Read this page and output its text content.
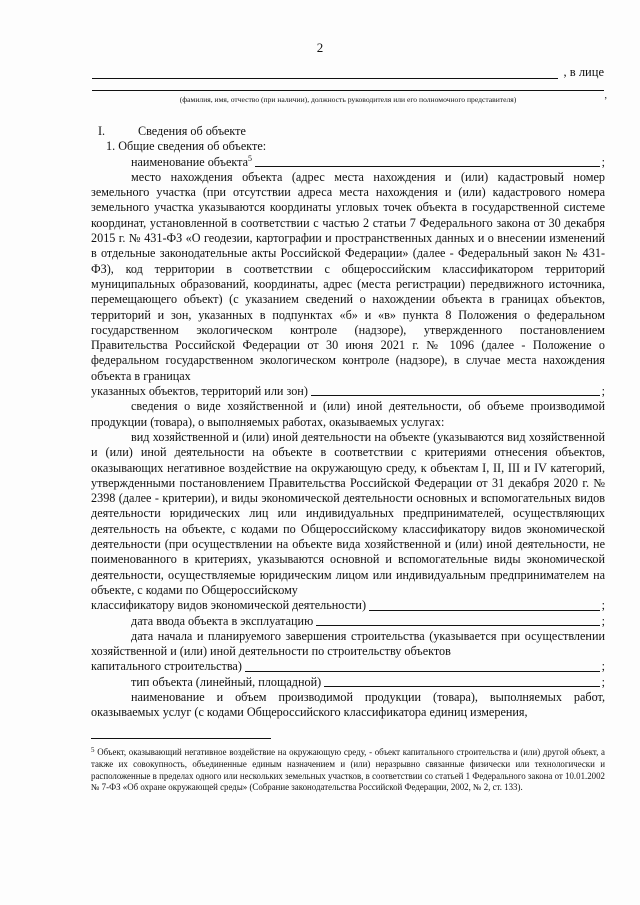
2
, в лице
,
(фамилия, имя, отчество (при наличии), должность руководителя или его полномочного представителя)

I.	Сведения об объекте

1. Общие сведения об объекте:

наименование объекта$^5$	;

место нахождения объекта (адрес места нахождения и (или) кадастровый номер земельного участка (при отсутствии адреса места нахождения и (или) кадастрового номера земельного участка указываются координаты угловых точек объекта в государственной системе координат, установленной в соответствии с частью 2 статьи 7 Федерального закона от 30 декабря 2015 г. № 431-ФЗ «О геодезии, картографии и пространственных данных и о внесении изменений в отдельные законодательные акты Российской Федерации» (далее - Федеральный закон № 431-ФЗ), код территории в соответствии с общероссийским классификатором территорий муниципальных образований, координаты, адрес (места регистрации) передвижного источника, перемещающего объект) (с указанием сведений о нахождении объекта в границах объектов, территорий и зон, указанных в подпунктах «б» и «в» пункта 8 Положения о федеральном государственном экологическом контроле (надзоре), утвержденного постановлением Правительства Российской Федерации от 30 июня 2021 г. № 1096 (далее - Положение о федеральном государственном экологическом контроле (надзоре), в случае места нахождения объекта в границах

указанных объектов, территорий или зон)	;

сведения о виде хозяйственной и (или) иной деятельности, об объеме производимой продукции (товара), о выполняемых работах, оказываемых услугах:

вид хозяйственной и (или) иной деятельности на объекте (указываются вид хозяйственной и (или) иной деятельности на объекте в соответствии с критериями отнесения объектов, оказывающих негативное воздействие на окружающую среду, к объектам I, II, III и IV категорий, утвержденными постановлением Правительства Российской Федерации от 31 декабря 2020 г. № 2398 (далее - критерии), и виды экономической деятельности основных и вспомогательных видов деятельности юридических лиц или индивидуальных предпринимателей, осуществляющих деятельность на объекте, с кодами по Общероссийскому классификатору видов экономической деятельности (при осуществлении на объекте вида хозяйственной и (или) иной деятельности, не поименованного в критериях, указываются основной и вспомогательные виды экономической деятельности, осуществляемые юридическим лицом или индивидуальным предпринимателем на объекте, с кодами по Общероссийскому

классификатору видов экономической деятельности)	;
дата ввода объекта в эксплуатацию	;

дата начала и планируемого завершения строительства (указывается при осуществлении хозяйственной и (или) иной деятельности по строительству объектов

капитального строительства)	;
тип объекта (линейный, площадной)	;

наименование и объем производимой продукции (товара), выполняемых работ, оказываемых услуг (с кодами Общероссийского классификатора единиц измерения,

$^5$ Объект, оказывающий негативное воздействие на окружающую среду, - объект капитального строительства и (или) другой объект, а также их совокупность, объединенные единым назначением и (или) неразрывно связанные физически или технологически и расположенные в пределах одного или нескольких земельных участков, в соответствии со статьей 1 Федерального закона от 10.01.2002 № 7-ФЗ «Об охране окружающей среды» (Собрание законодательства Российской Федерации, 2002, № 2, ст. 133).
